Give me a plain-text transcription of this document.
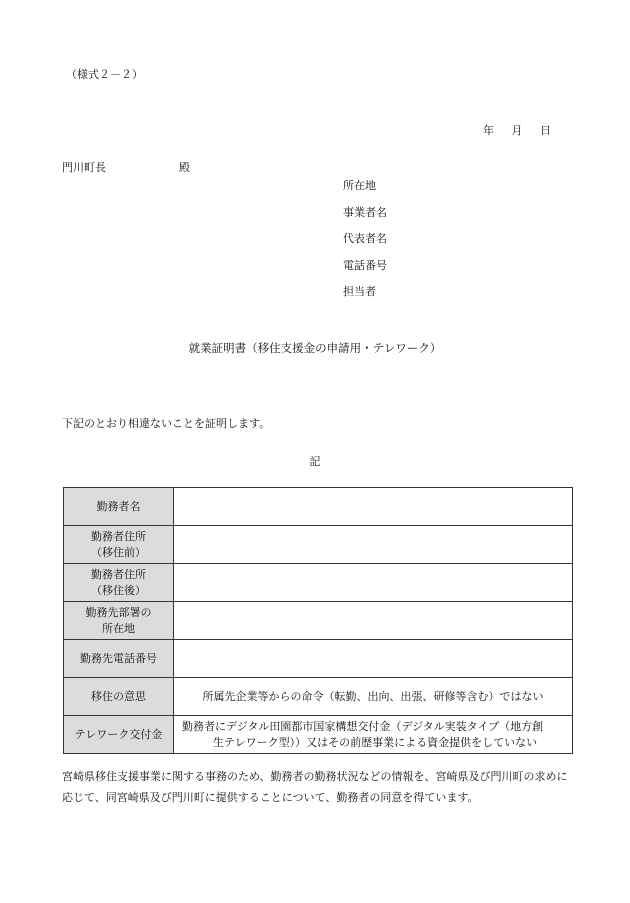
（様式２－２）
年 月 日
門川町長	殿
所在地
事業者名
代表者名
電話番号
担当者
就業証明書（移住支援金の申請用・テレワーク）
下記のとおり相違ないことを証明します。
記
勤務者名	

勤務者住所
（移住前）	

勤務者住所
（移住後）	

勤務先部署の
所在地	

勤務先電話番号	

移住の意思	所属先企業等からの命令（転勤、出向、出張、研修等含む）ではない

テレワーク交付金	勤務者にデジタル田園都市国家構想交付金（デジタル実装タイプ（地方創
生テレワーク型））又はその前歴事業による資金提供をしていない
宮崎県移住支援事業に関する事務のため、勤務者の勤務状況などの情報を、宮崎県及び門川町の求めに応じて、同宮崎県及び門川町に提供することについて、勤務者の同意を得ています。
